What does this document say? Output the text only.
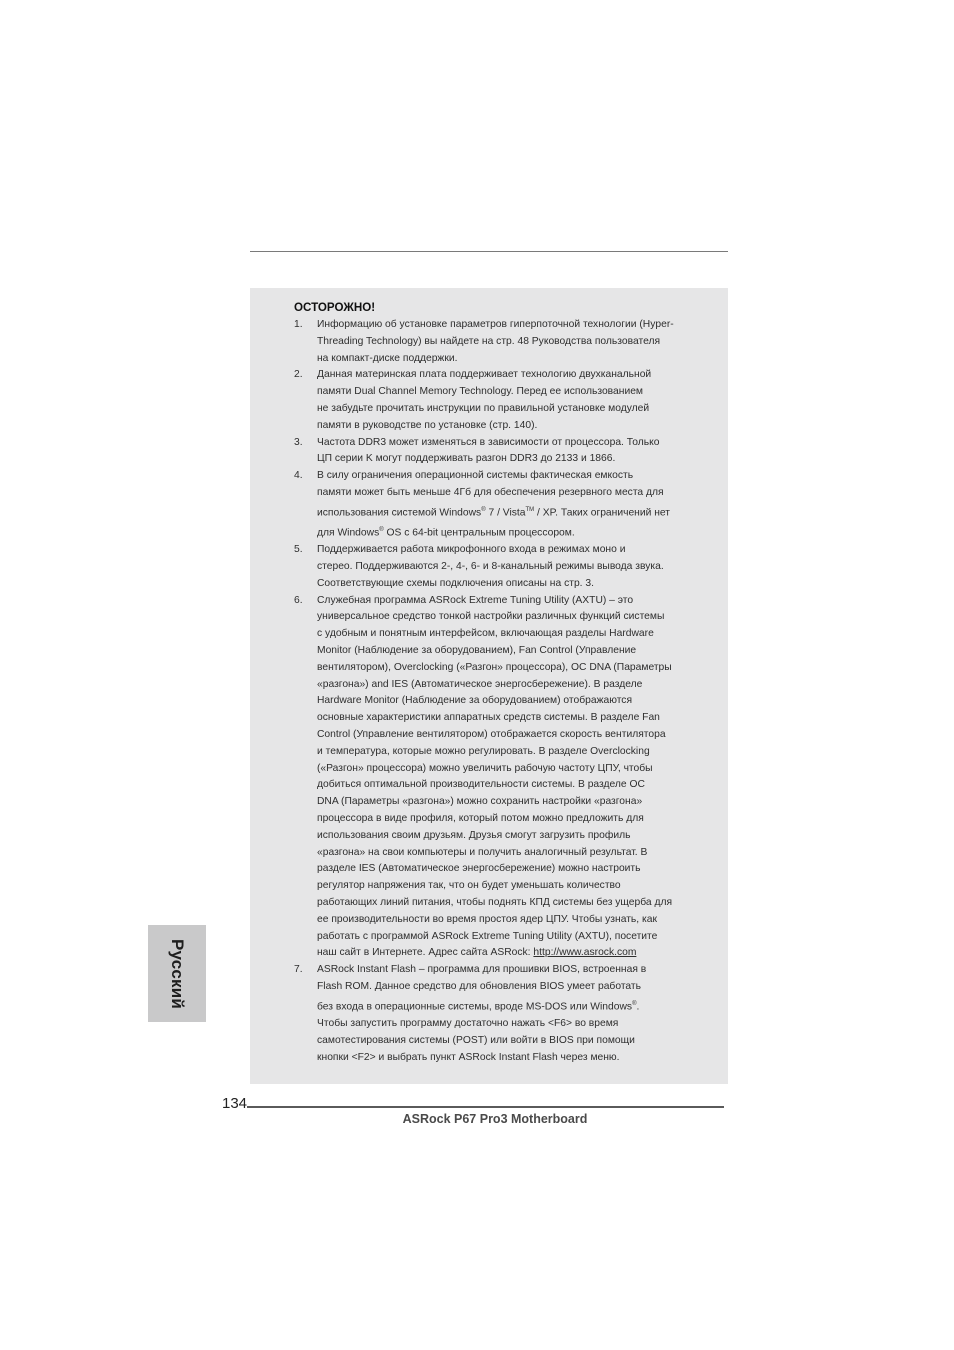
ОСТОРОЖНО!
1. Информацию об установке параметров гиперпоточной технологии (Hyper-
Threading Technology) вы найдете на стр. 48 Руководства пользователя
на компакт-диске поддержки.
2. Данная материнская плата поддерживает технологию двухканальной
памяти Dual Channel Memory Technology. Перед ее использованием
не забудьте прочитать инструкции по правильной установке модулей
памяти в руководстве по установке (стр. 140).
3. Частота DDR3 может изменяться в зависимости от процессора. Только
ЦП серии K могут поддерживать разгон DDR3 до 2133 и 1866.
4. В силу ограничения операционной системы фактическая емкость
памяти может быть меньше 4Гб для обеспечения резервного места для
использования системой Windows® 7 / Vista™ / XP. Таких ограничений нет
для Windows® OS с 64-bit центральным процессором.
5. Поддерживается работа микрофонного входа в режимах моно и
стерео. Поддерживаются 2-, 4-, 6- и 8-канальный режимы вывода звука.
Соответствующие схемы подключения описаны на стр. 3.
6. Служебная программа ASRock Extreme Tuning Utility (AXTU) – это
универсальное средство тонкой настройки различных функций системы
с удобным и понятным интерфейсом, включающая разделы Hardware
Monitor (Наблюдение за оборудованием), Fan Control (Управление
вентилятором), Overclocking («Разгон» процессора), OC DNA (Параметры
«разгона») and IES (Автоматическое энергосбережение). В разделе
Hardware Monitor (Наблюдение за оборудованием) отображаются
основные характеристики аппаратных средств системы. В разделе Fan
Control (Управление вентилятором) отображается скорость вентилятора
и температура, которые можно регулировать. В разделе Overclocking
(«Разгон» процессора) можно увеличить рабочую частоту ЦПУ, чтобы
добиться оптимальной производительности системы. В разделе OC
DNA (Параметры «разгона») можно сохранить настройки «разгона»
процессора в виде профиля, который потом можно предложить для
использования своим друзьям. Друзья смогут загрузить профиль
«разгона» на свои компьютеры и получить аналогичный результат. В
разделе IES (Автоматическое энергосбережение) можно настроить
регулятор напряжения так, что он будет уменьшать количество
работающих линий питания, чтобы поднять КПД системы без ущерба для
ее производительности во время простоя ядер ЦПУ. Чтобы узнать, как
работать с программой ASRock Extreme Tuning Utility (AXTU), посетите
наш сайт в Интернете. Адрес сайта ASRock: http://www.asrock.com
7. ASRock Instant Flash – программа для прошивки BIOS, встроенная в
Flash ROM. Данное средство для обновления BIOS умеет работать
без входа в операционные системы, вроде MS-DOS или Windows®.
Чтобы запустить программу достаточно нажать <F6> во время
самотестирования системы (POST) или войти в BIOS при помощи
кнопки <F2> и выбрать пункт ASRock Instant Flash через меню.
Русский
134
ASRock P67 Pro3 Motherboard
